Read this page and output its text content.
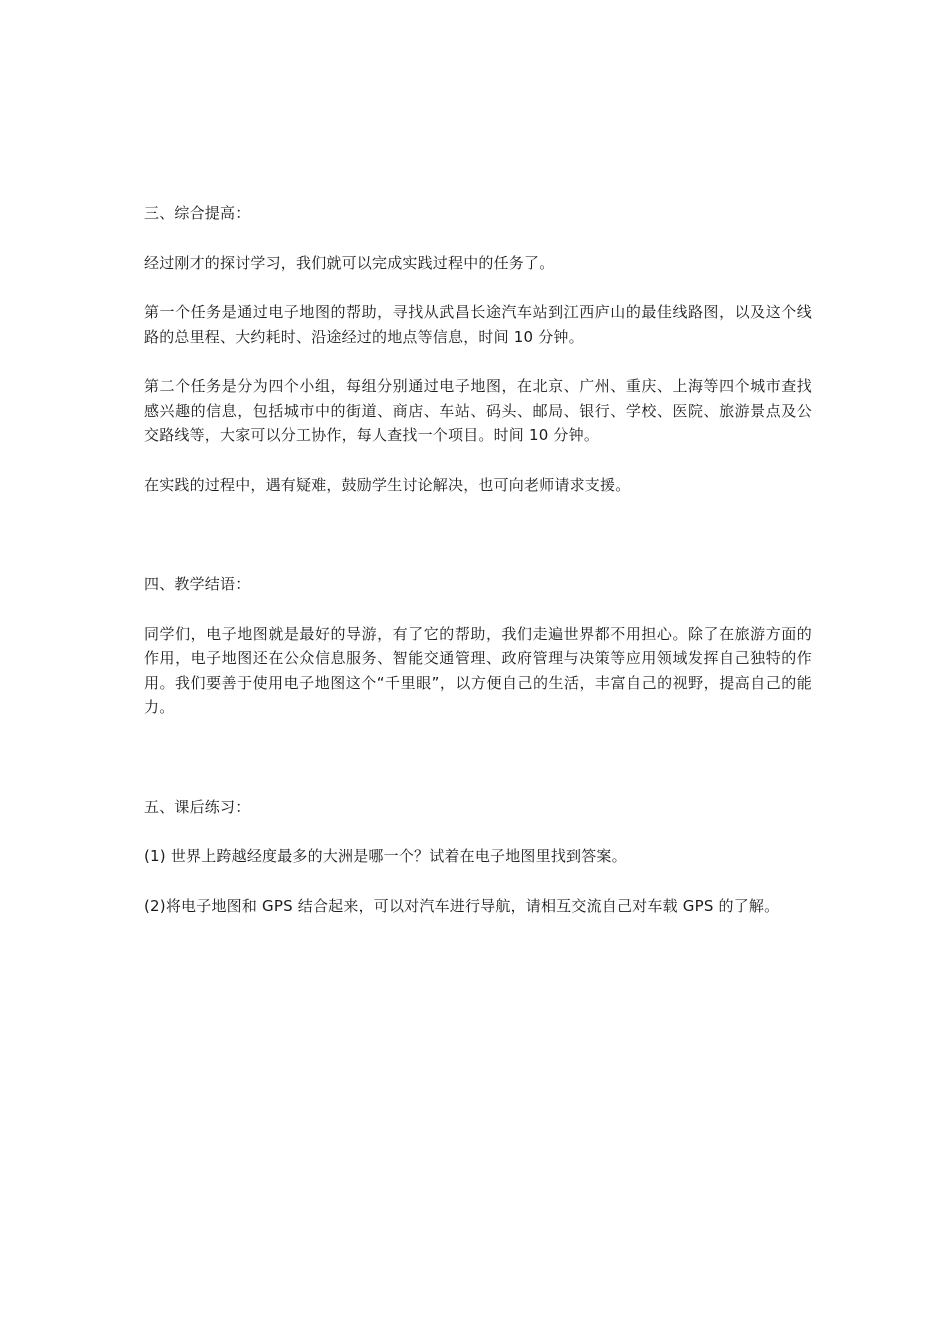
三、综合提高：

经过刚才的探讨学习，我们就可以完成实践过程中的任务了。

第一个任务是通过电子地图的帮助，寻找从武昌长途汽车站到江西庐山的最佳线路图，以及这个线路的总里程、大约耗时、沿途经过的地点等信息，时间 10 分钟。

第二个任务是分为四个小组，每组分别通过电子地图，在北京、广州、重庆、上海等四个城市查找感兴趣的信息，包括城市中的街道、商店、车站、码头、邮局、银行、学校、医院、旅游景点及公交路线等，大家可以分工协作，每人查找一个项目。时间 10 分钟。

在实践的过程中，遇有疑难，鼓励学生讨论解决，也可向老师请求支援。

四、教学结语：

同学们，电子地图就是最好的导游，有了它的帮助，我们走遍世界都不用担心。除了在旅游方面的作用，电子地图还在公众信息服务、智能交通管理、政府管理与决策等应用领域发挥自己独特的作用。我们要善于使用电子地图这个“千里眼”，以方便自己的生活，丰富自己的视野，提高自己的能力。

五、课后练习：

(1) 世界上跨越经度最多的大洲是哪一个？试着在电子地图里找到答案。

(2)将电子地图和 GPS 结合起来，可以对汽车进行导航，请相互交流自己对车载 GPS 的了解。
